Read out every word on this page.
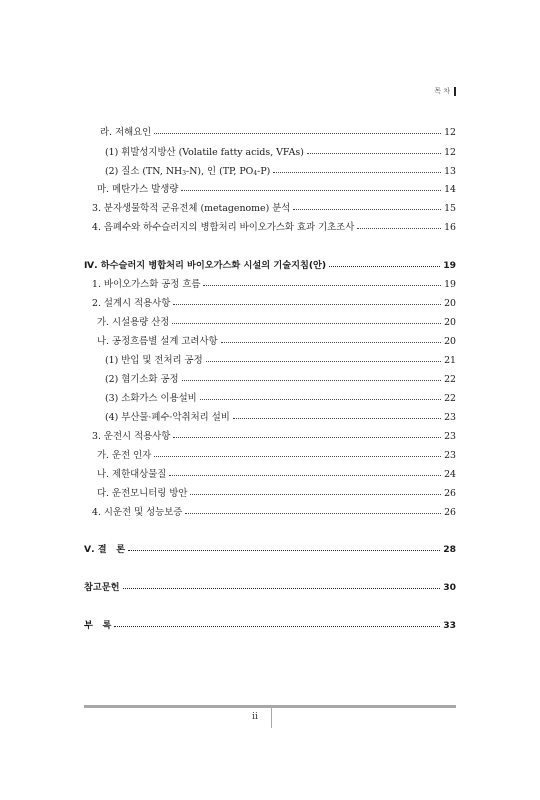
목 차
라. 저해요인	12
(1) 휘발성지방산 (Volatile fatty acids, VFAs)	12
(2) 질소 (TN, $NH_3-N$), 인 (TP, $PO_4-P$)	13
마. 메탄가스 발생량	14
3. 분자생물학적 군유전체 (metagenome) 분석	15
4. 음폐수와 하수슬러지의 병합처리 바이오가스화 효과 기초조사	16
Ⅳ. 하수슬러지 병합처리 바이오가스화 시설의 기술지침(안)	19
1. 바이오가스화 공정 흐름	19
2. 설계시 적용사항	20
가. 시설용량 산정	20
나. 공정흐름별 설계 고려사항	20
(1) 반입 및 전처리 공정	21
(2) 혐기소화 공정	22
(3) 소화가스 이용설비	22
(4) 부산물·폐수·악취처리 설비	23
3. 운전시 적용사항	23
가. 운전 인자	23
나. 제한대상물질	24
다. 운전모니터링 방안	26
4. 시운전 및 성능보증	26
Ⅴ. 결   론	28
참고문헌	30
부   록	33
ii
